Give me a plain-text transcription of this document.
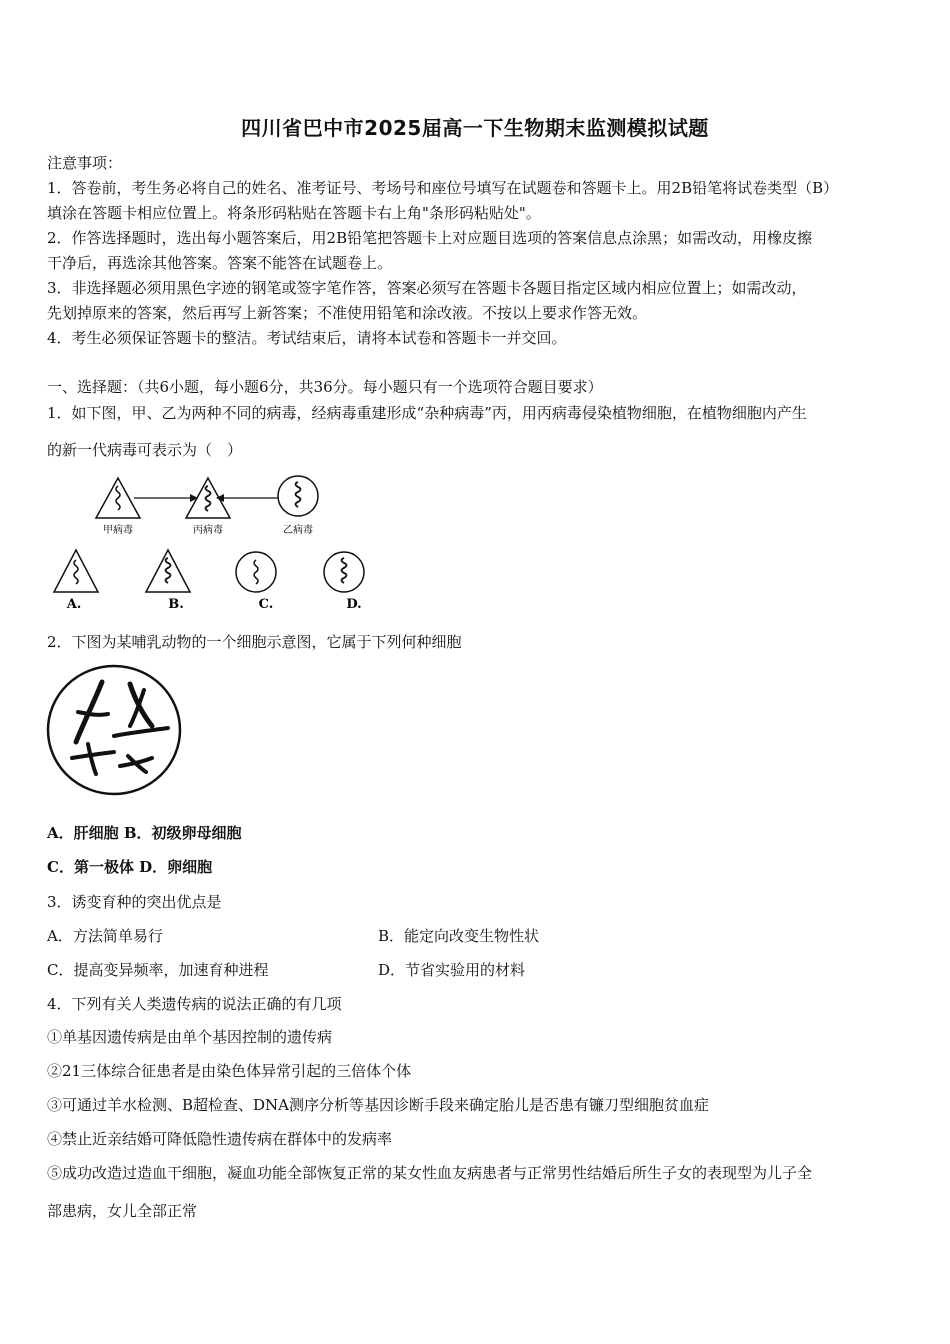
四川省巴中市2025届高一下生物期末监测模拟试题
注意事项：
1．答卷前，考生务必将自己的姓名、准考证号、考场号和座位号填写在试题卷和答题卡上。用2B铅笔将试卷类型（B）
填涂在答题卡相应位置上。将条形码粘贴在答题卡右上角"条形码粘贴处"。
2．作答选择题时，选出每小题答案后，用2B铅笔把答题卡上对应题目选项的答案信息点涂黑；如需改动，用橡皮擦
干净后，再选涂其他答案。答案不能答在试题卷上。
3．非选择题必须用黑色字迹的钢笔或签字笔作答，答案必须写在答题卡各题目指定区域内相应位置上；如需改动，
先划掉原来的答案，然后再写上新答案；不准使用铅笔和涂改液。不按以上要求作答无效。
4．考生必须保证答题卡的整洁。考试结束后，请将本试卷和答题卡一并交回。
一、选择题：（共6小题，每小题6分，共36分。每小题只有一个选项符合题目要求）
1．如下图，甲、乙为两种不同的病毒，经病毒重建形成“杂种病毒”丙，用丙病毒侵染植物细胞，在植物细胞内产生
的新一代病毒可表示为（　）
甲病毒	丙病毒	乙病毒
A.	B.	C.	D.
2．下图为某哺乳动物的一个细胞示意图，它属于下列何种细胞
A．肝细胞 B．初级卵母细胞
C．第一极体 D．卵细胞
3．诱变育种的突出优点是
A．方法简单易行	B．能定向改变生物性状
C．提高变异频率，加速育种进程	D．节省实验用的材料
4．下列有关人类遗传病的说法正确的有几项
①单基因遗传病是由单个基因控制的遗传病
②21三体综合征患者是由染色体异常引起的三倍体个体
③可通过羊水检测、B超检查、DNA测序分析等基因诊断手段来确定胎儿是否患有镰刀型细胞贫血症
④禁止近亲结婚可降低隐性遗传病在群体中的发病率
⑤成功改造过造血干细胞，凝血功能全部恢复正常的某女性血友病患者与正常男性结婚后所生子女的表现型为儿子全
部患病，女儿全部正常
